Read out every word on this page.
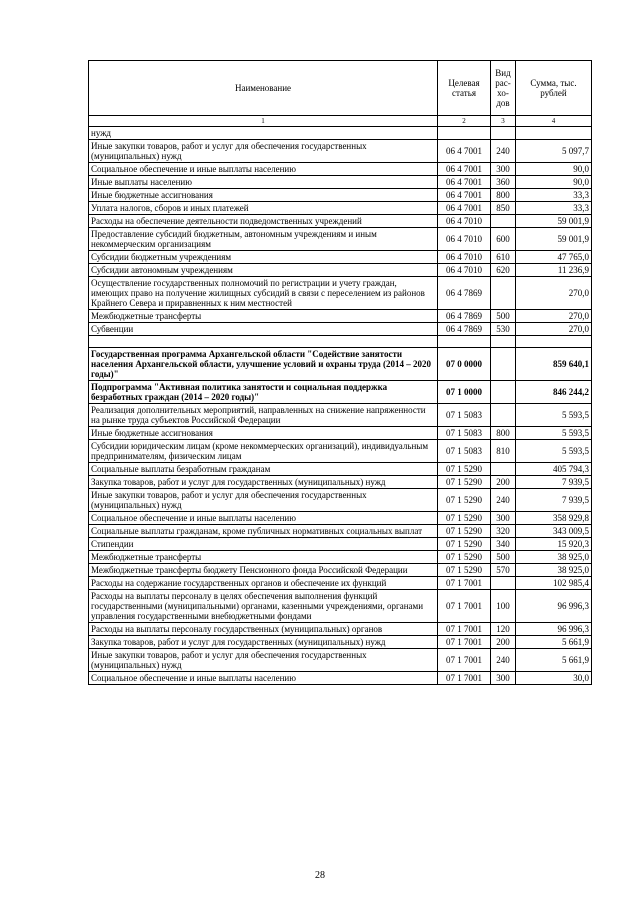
Наименование	Целевая статья	Вид рас-хо-дов	Сумма, тыс. рублей
1	2	3	4
нужд			
Иные закупки товаров, работ и услуг для обеспечения государственных (муниципальных) нужд	06 4 7001	240	5 097,7
Социальное обеспечение и иные выплаты населению	06 4 7001	300	90,0
Иные выплаты населению	06 4 7001	360	90,0
Иные бюджетные ассигнования	06 4 7001	800	33,3
Уплата налогов, сборов и иных платежей	06 4 7001	850	33,3
Расходы на обеспечение деятельности подведомственных учреждений	06 4 7010		59 001,9
Предоставление субсидий бюджетным, автономным учреждениям и иным некоммерческим организациям	06 4 7010	600	59 001,9
Субсидии бюджетным учреждениям	06 4 7010	610	47 765,0
Субсидии автономным учреждениям	06 4 7010	620	11 236,9
Осуществление государственных полномочий по регистрации и учету граждан, имеющих право на получение жилищных субсидий в связи с переселением из районов Крайнего Севера и приравненных к ним местностей	06 4 7869		270,0
Межбюджетные трансферты	06 4 7869	500	270,0
Субвенции	06 4 7869	530	270,0

Государственная программа Архангельской области "Содействие занятости населения Архангельской области, улучшение условий и охраны труда (2014 – 2020 годы)"	07 0 0000		859 640,1
Подпрограмма "Активная политика занятости и социальная поддержка безработных граждан (2014 – 2020 годы)"	07 1 0000		846 244,2
Реализация дополнительных мероприятий, направленных на снижение напряженности на рынке труда субъектов Российской Федерации	07 1 5083		5 593,5
Иные бюджетные ассигнования	07 1 5083	800	5 593,5
Субсидии юридическим лицам (кроме некоммерческих организаций), индивидуальным предпринимателям, физическим лицам	07 1 5083	810	5 593,5
Социальные выплаты безработным гражданам	07 1 5290		405 794,3
Закупка товаров, работ и услуг для государственных (муниципальных) нужд	07 1 5290	200	7 939,5
Иные закупки товаров, работ и услуг для обеспечения государственных (муниципальных) нужд	07 1 5290	240	7 939,5
Социальное обеспечение и иные выплаты населению	07 1 5290	300	358 929,8
Социальные выплаты гражданам, кроме публичных нормативных социальных выплат	07 1 5290	320	343 009,5
Стипендии	07 1 5290	340	15 920,3
Межбюджетные трансферты	07 1 5290	500	38 925,0
Межбюджетные трансферты бюджету Пенсионного фонда Российской Федерации	07 1 5290	570	38 925,0
Расходы на содержание государственных органов и обеспечение их функций	07 1 7001		102 985,4
Расходы на выплаты персоналу в целях обеспечения выполнения функций государственными (муниципальными) органами, казенными учреждениями, органами управления государственными внебюджетными фондами	07 1 7001	100	96 996,3
Расходы на выплаты персоналу государственных (муниципальных) органов	07 1 7001	120	96 996,3
Закупка товаров, работ и услуг для государственных (муниципальных) нужд	07 1 7001	200	5 661,9
Иные закупки товаров, работ и услуг для обеспечения государственных (муниципальных) нужд	07 1 7001	240	5 661,9
Социальное обеспечение и иные выплаты населению	07 1 7001	300	30,0
28
